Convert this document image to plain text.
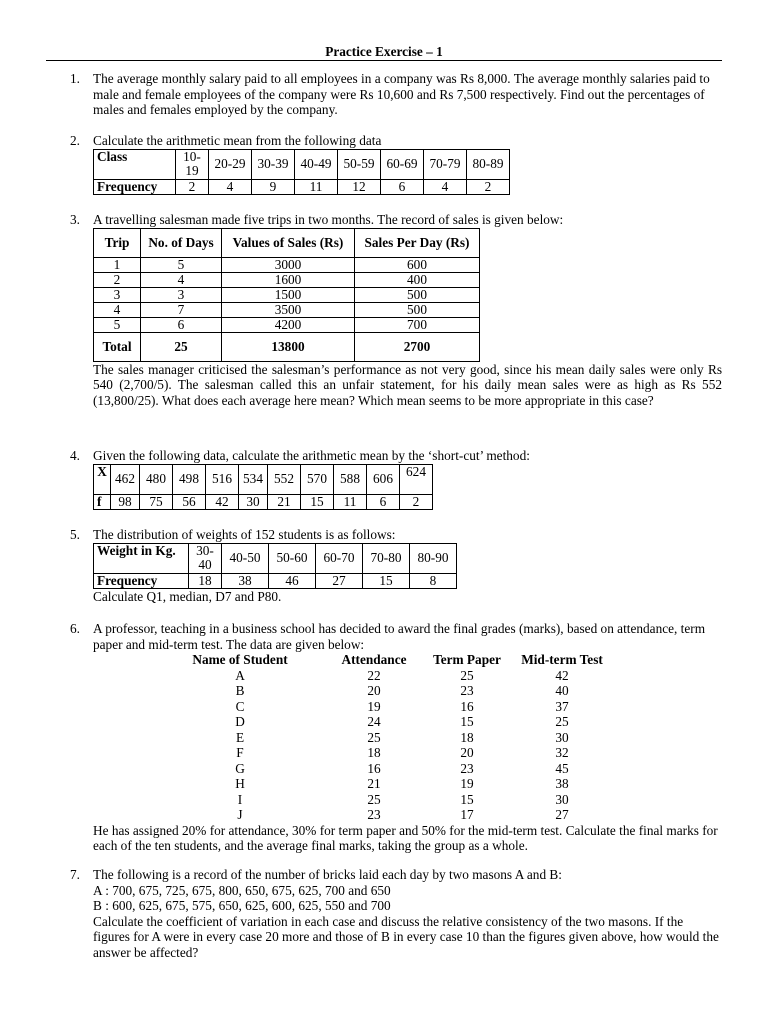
Practice Exercise – 1
1. The average monthly salary paid to all employees in a company was Rs 8,000. The average monthly salaries paid to male and female employees of the company were Rs 10,600 and Rs 7,500 respectively. Find out the percentages of males and females employed by the company.
2. Calculate the arithmetic mean from the following data
Class	10-19	20-29	30-39	40-49	50-59	60-69	70-79	80-89
Frequency	2	4	9	11	12	6	4	2
3. A travelling salesman made five trips in two months. The record of sales is given below:
Trip	No. of Days	Values of Sales (Rs)	Sales Per Day (Rs)
1	5	3000	600
2	4	1600	400
3	3	1500	500
4	7	3500	500
5	6	4200	700
Total	25	13800	2700
The sales manager criticised the salesman’s performance as not very good, since his mean daily sales were only Rs 540 (2,700/5). The salesman called this an unfair statement, for his daily mean sales were as high as Rs 552 (13,800/25). What does each average here mean? Which mean seems to be more appropriate in this case?
4. Given the following data, calculate the arithmetic mean by the ‘short-cut’ method:
X	462	480	498	516	534	552	570	588	606	624
f	98	75	56	42	30	21	15	11	6	2
5. The distribution of weights of 152 students is as follows:
Weight in Kg.	30-40	40-50	50-60	60-70	70-80	80-90
Frequency	18	38	46	27	15	8
Calculate Q1, median, D7 and P80.
6. A professor, teaching in a business school has decided to award the final grades (marks), based on attendance, term paper and mid-term test. The data are given below:
Name of Student	Attendance	Term Paper	Mid-term Test
A	22	25	42
B	20	23	40
C	19	16	37
D	24	15	25
E	25	18	30
F	18	20	32
G	16	23	45
H	21	19	38
I	25	15	30
J	23	17	27
He has assigned 20% for attendance, 30% for term paper and 50% for the mid-term test. Calculate the final marks for each of the ten students, and the average final marks, taking the group as a whole.
7. The following is a record of the number of bricks laid each day by two masons A and B:
A : 700, 675, 725, 675, 800, 650, 675, 625, 700 and 650
B : 600, 625, 675, 575, 650, 625, 600, 625, 550 and 700
Calculate the coefficient of variation in each case and discuss the relative consistency of the two masons. If the figures for A were in every case 20 more and those of B in every case 10 than the figures given above, how would the answer be affected?
